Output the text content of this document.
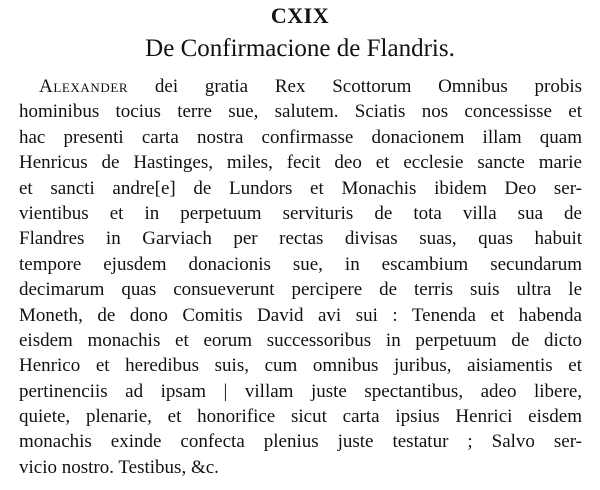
CXIX
De Confirmacione de Flandris.
Alexander dei gratia Rex Scottorum Omnibus probis
hominibus tocius terre sue, salutem. Sciatis nos concessisse et
hac presenti carta nostra confirmasse donacionem illam quam
Henricus de Hastinges, miles, fecit deo et ecclesie sancte marie
et sancti andre[e] de Lundors et Monachis ibidem Deo ser-
vientibus et in perpetuum servituris de tota villa sua de
Flandres in Garviach per rectas divisas suas, quas habuit
tempore ejusdem donacionis sue, in escambium secundarum
decimarum quas consueverunt percipere de terris suis ultra le
Moneth, de dono Comitis David avi sui : Tenenda et habenda
eisdem monachis et eorum successoribus in perpetuum de dicto
Henrico et heredibus suis, cum omnibus juribus, aisiamentis et
pertinenciis ad ipsam | villam juste spectantibus, adeo libere,
quiete, plenarie, et honorifice sicut carta ipsius Henrici eisdem
monachis exinde confecta plenius juste testatur ; Salvo ser-
vicio nostro. Testibus, &c.
